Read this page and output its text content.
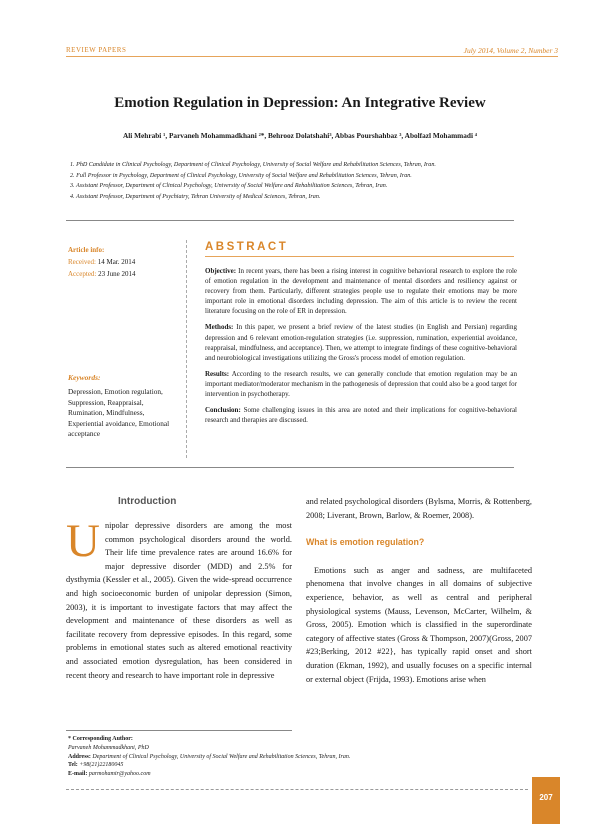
REVIEW PAPERS	July 2014, Volume 2, Number 3
Emotion Regulation in Depression: An Integrative Review
Ali Mehrabi ¹, Parvaneh Mohammadkhani ²*, Behrooz Dolatshahi³, Abbas Pourshahbaz ³, Abolfazl Mohammadi ⁴
1. PhD Candidate in Clinical Psychology, Department of Clinical Psychology, University of Social Welfare and Rehabilitation Sciences, Tehran, Iran.
2. Full Professor in Psychology, Department of Clinical Psychology, University of Social Welfare and Rehabilitation Sciences, Tehran, Iran.
3. Assistant Professor, Department of Clinical Psychology, University of Social Welfare and Rehabilitation Sciences, Tehran, Iran.
4. Assistant Professor, Department of Psychiatry, Tehran University of Medical Sciences, Tehran, Iran.
Article info:
Received: 14 Mar. 2014
Accepted: 23 June 2014
Keywords:
Depression, Emotion regulation, Suppression, Reappraisal, Rumination, Mindfulness, Experiential avoidance, Emotional acceptance
ABSTRACT

Objective: In recent years, there has been a rising interest in cognitive behavioral research to explore the role of emotion regulation in the development and maintenance of mental disorders and resiliency against or recovery from them. Particularly, different strategies people use to regulate their emotions may be more important role in emotional disorders including depression. The aim of this article is to review the recent literature focusing on the role of ER in depression.

Methods: In this paper, we present a brief review of the latest studies (in English and Persian) regarding depression and 6 relevant emotion-regulation strategies (i.e. suppression, rumination, experiential avoidance, reappraisal, mindfulness, and acceptance). Then, we attempt to integrate findings of these cognitive-behavioral and neurobiological investigations utilizing the Gross's process model of emotion regulation.

Results: According to the research results, we can generally conclude that emotion regulation may be an important mediator/moderator mechanism in the pathogenesis of depression that could also be a good target for intervention in psychotherapy.

Conclusion: Some challenging issues in this area are noted and their implications for cognitive-behavioral research and therapies are discussed.

Introduction
Unipolar depressive disorders are among the most common psychological disorders around the world. Their life time prevalence rates are around 16.6% for major depressive disorder (MDD) and 2.5% for dysthymia (Kessler et al., 2005). Given the wide-spread occurrence and high socioeconomic burden of unipolar depression (Simon, 2003), it is important to investigate factors that may affect the development and maintenance of these disorders as well as facilitate recovery from depressive episodes. In this regard, some problems in emotional states such as altered emotional reactivity and associated emotion dysregulation, has been considered in recent theory and research to have important role in depressive
and related psychological disorders (Bylsma, Morris, & Rottenberg, 2008; Liverant, Brown, Barlow, & Roemer, 2008).
What is emotion regulation?
Emotions such as anger and sadness, are multifaceted phenomena that involve changes in all domains of subjective experience, behavior, as well as central and peripheral physiological systems (Mauss, Levenson, McCarter, Wilhelm, & Gross, 2005). Emotion which is classified in the superordinate category of affective states (Gross & Thompson, 2007)(Gross, 2007 #23;Berking, 2012 #22}, has typically rapid onset and short duration (Ekman, 1992), and usually focuses on a specific internal or external object (Frijda, 1993). Emotions arise when
* Corresponding Author:
Parvaneh Mohammadkhani, PhD
Address: Department of Clinical Psychology, University of Social Welfare and Rehabilitation Sciences, Tehran, Iran.
Tel: +98(21)22180045
E-mail: parmohamir@yahoo.com
207
